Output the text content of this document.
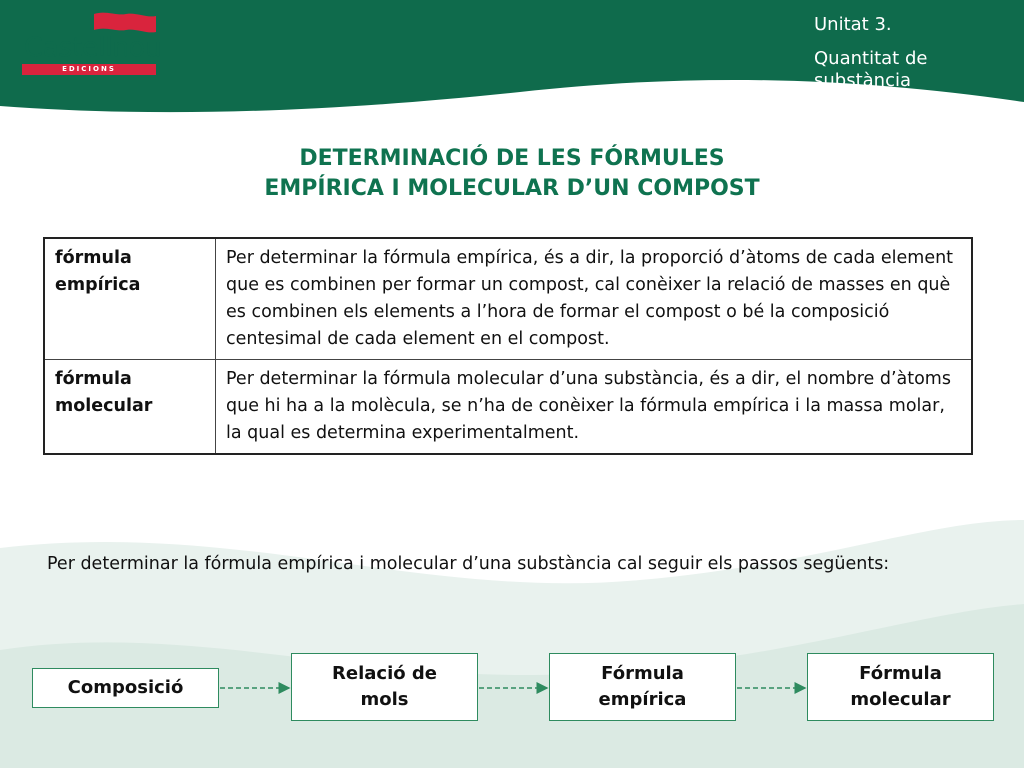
Castellnou
EDICIONS
Unitat 3.
Quantitat de substància
DETERMINACIÓ DE LES FÓRMULES
EMPÍRICA I MOLECULAR D’UN COMPOST
fórmula empírica	Per determinar la fórmula empírica, és a dir, la proporció d’àtoms de cada element que es combinen per formar un compost, cal conèixer la relació de masses en què es combinen els elements a l’hora de formar el compost o bé la composició centesimal de cada element en el compost.
fórmula molecular	Per determinar la fórmula molecular d’una substància, és a dir, el nombre d’àtoms que hi ha a la molècula, se n’ha de conèixer la fórmula empírica i la massa molar, la qual es determina experimentalment.
Per determinar la fórmula empírica i molecular d’una substància cal seguir els passos següents:
Composició
Relació de mols
Fórmula empírica
Fórmula molecular
